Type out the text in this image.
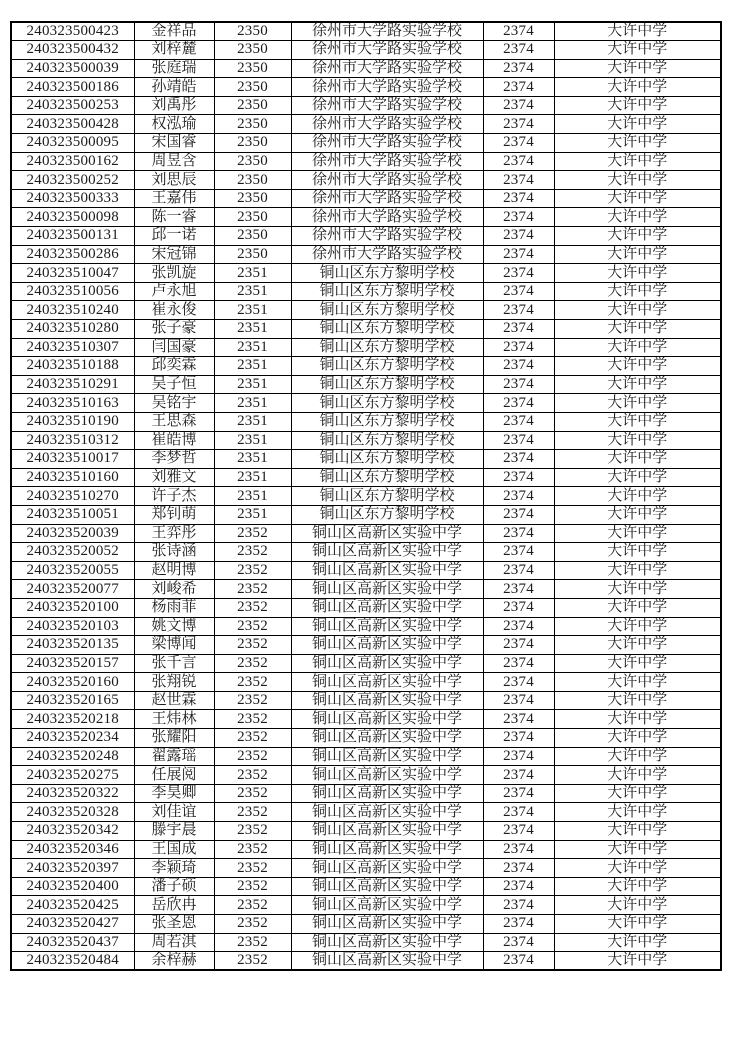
240323500423	金祥品	2350	徐州市大学路实验学校	2374	大许中学
240323500432	刘梓麓	2350	徐州市大学路实验学校	2374	大许中学
240323500039	张庭瑞	2350	徐州市大学路实验学校	2374	大许中学
240323500186	孙靖皓	2350	徐州市大学路实验学校	2374	大许中学
240323500253	刘禹彤	2350	徐州市大学路实验学校	2374	大许中学
240323500428	权泓瑜	2350	徐州市大学路实验学校	2374	大许中学
240323500095	宋国睿	2350	徐州市大学路实验学校	2374	大许中学
240323500162	周昱含	2350	徐州市大学路实验学校	2374	大许中学
240323500252	刘思辰	2350	徐州市大学路实验学校	2374	大许中学
240323500333	王嘉伟	2350	徐州市大学路实验学校	2374	大许中学
240323500098	陈一睿	2350	徐州市大学路实验学校	2374	大许中学
240323500131	邱一诺	2350	徐州市大学路实验学校	2374	大许中学
240323500286	宋冠锦	2350	徐州市大学路实验学校	2374	大许中学
240323510047	张凯旋	2351	铜山区东方黎明学校	2374	大许中学
240323510056	卢永旭	2351	铜山区东方黎明学校	2374	大许中学
240323510240	崔永俊	2351	铜山区东方黎明学校	2374	大许中学
240323510280	张子豪	2351	铜山区东方黎明学校	2374	大许中学
240323510307	闫国豪	2351	铜山区东方黎明学校	2374	大许中学
240323510188	邱奕霖	2351	铜山区东方黎明学校	2374	大许中学
240323510291	吴子恒	2351	铜山区东方黎明学校	2374	大许中学
240323510163	吴铭宇	2351	铜山区东方黎明学校	2374	大许中学
240323510190	王思森	2351	铜山区东方黎明学校	2374	大许中学
240323510312	崔皓博	2351	铜山区东方黎明学校	2374	大许中学
240323510017	李梦哲	2351	铜山区东方黎明学校	2374	大许中学
240323510160	刘雅文	2351	铜山区东方黎明学校	2374	大许中学
240323510270	许子杰	2351	铜山区东方黎明学校	2374	大许中学
240323510051	郑钊萌	2351	铜山区东方黎明学校	2374	大许中学
240323520039	王弈彤	2352	铜山区高新区实验中学	2374	大许中学
240323520052	张诗涵	2352	铜山区高新区实验中学	2374	大许中学
240323520055	赵明博	2352	铜山区高新区实验中学	2374	大许中学
240323520077	刘峻希	2352	铜山区高新区实验中学	2374	大许中学
240323520100	杨雨菲	2352	铜山区高新区实验中学	2374	大许中学
240323520103	姚文博	2352	铜山区高新区实验中学	2374	大许中学
240323520135	梁博闻	2352	铜山区高新区实验中学	2374	大许中学
240323520157	张千言	2352	铜山区高新区实验中学	2374	大许中学
240323520160	张翔锐	2352	铜山区高新区实验中学	2374	大许中学
240323520165	赵世霖	2352	铜山区高新区实验中学	2374	大许中学
240323520218	王炜林	2352	铜山区高新区实验中学	2374	大许中学
240323520234	张耀阳	2352	铜山区高新区实验中学	2374	大许中学
240323520248	翟露瑶	2352	铜山区高新区实验中学	2374	大许中学
240323520275	任展阅	2352	铜山区高新区实验中学	2374	大许中学
240323520322	李昊卿	2352	铜山区高新区实验中学	2374	大许中学
240323520328	刘佳谊	2352	铜山区高新区实验中学	2374	大许中学
240323520342	滕宇晨	2352	铜山区高新区实验中学	2374	大许中学
240323520346	王国成	2352	铜山区高新区实验中学	2374	大许中学
240323520397	李颖琦	2352	铜山区高新区实验中学	2374	大许中学
240323520400	潘子硕	2352	铜山区高新区实验中学	2374	大许中学
240323520425	岳欣冉	2352	铜山区高新区实验中学	2374	大许中学
240323520427	张圣恩	2352	铜山区高新区实验中学	2374	大许中学
240323520437	周若淇	2352	铜山区高新区实验中学	2374	大许中学
240323520484	余梓赫	2352	铜山区高新区实验中学	2374	大许中学
